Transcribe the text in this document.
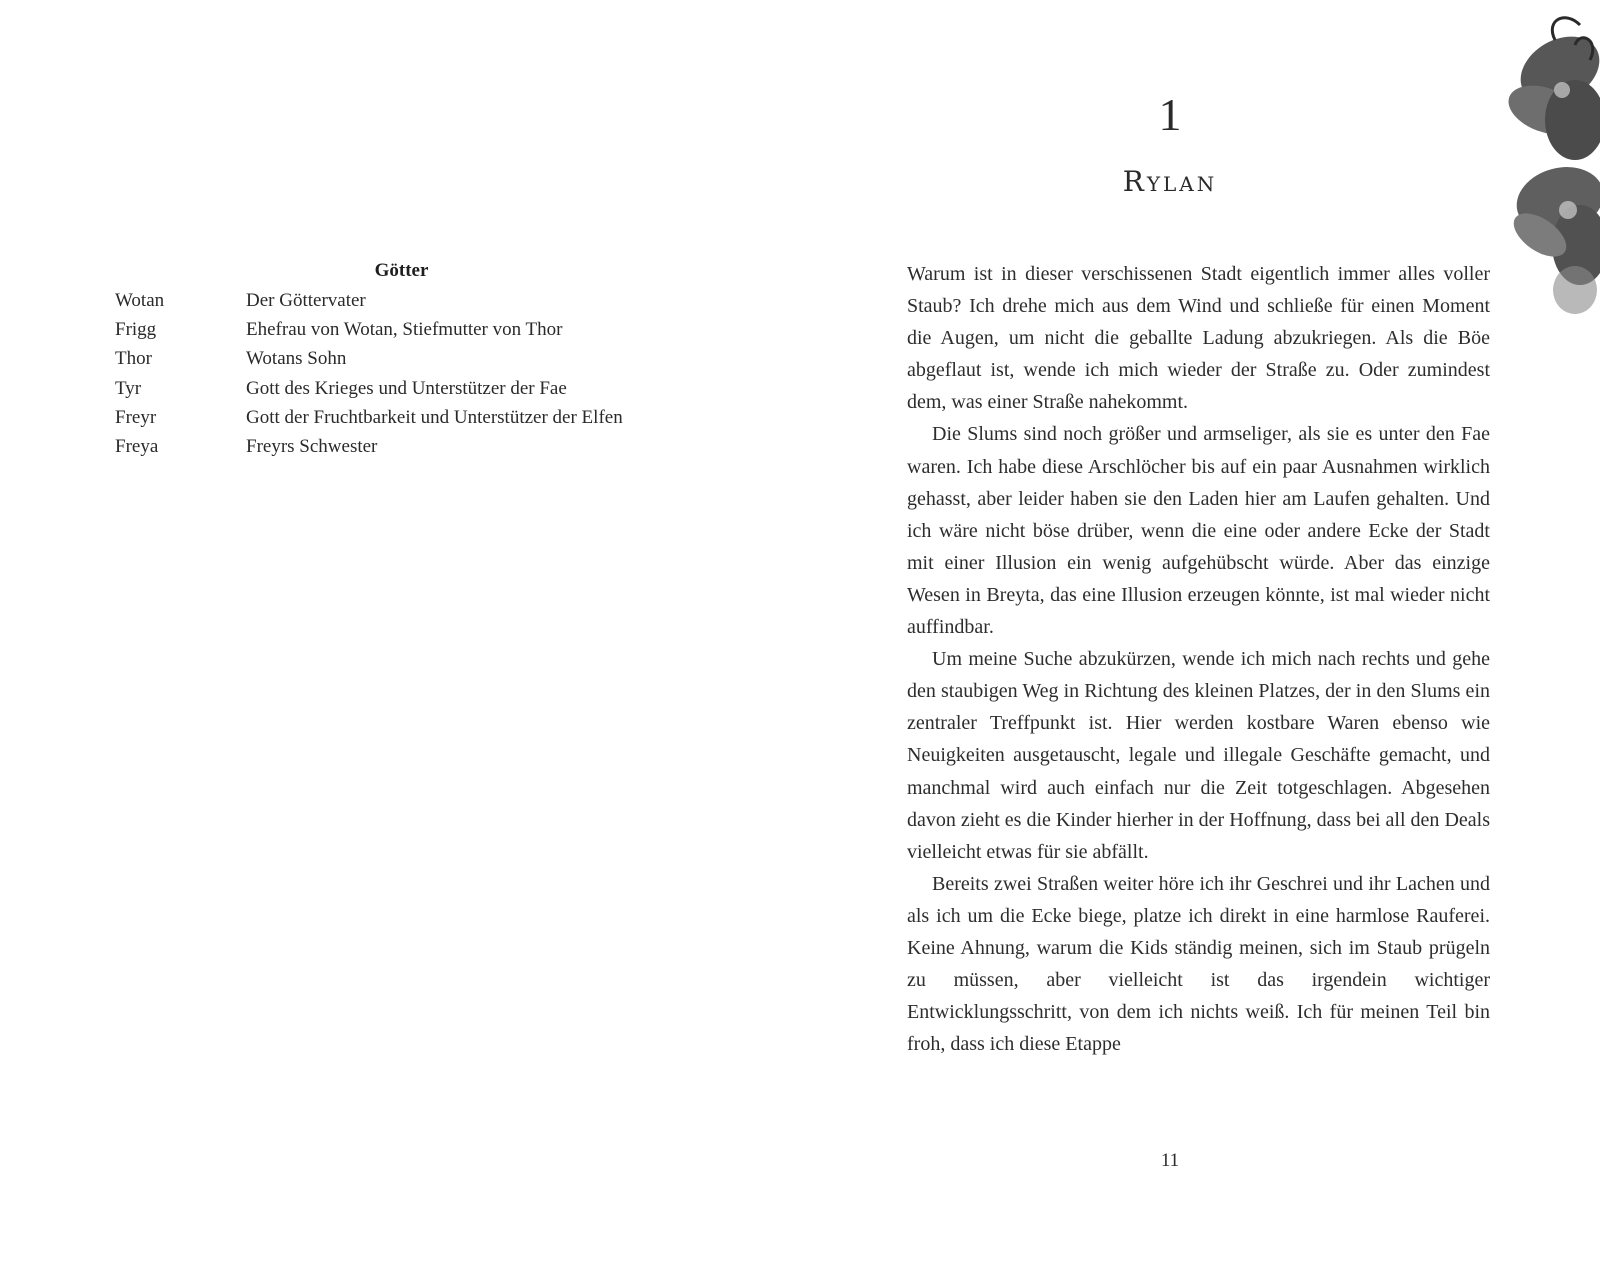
Götter
Wotan	Der Göttervater
Frigg	Ehefrau von Wotan, Stiefmutter von Thor
Thor	Wotans Sohn
Tyr	Gott des Krieges und Unterstützer der Fae
Freyr	Gott der Fruchtbarkeit und Unterstützer der Elfen
Freya	Freyrs Schwester
1
Rylan

Warum ist in dieser verschissenen Stadt eigentlich immer alles voller Staub? Ich drehe mich aus dem Wind und schließe für einen Moment die Augen, um nicht die geballte Ladung abzukriegen. Als die Böe abgeflaut ist, wende ich mich wieder der Straße zu. Oder zumindest dem, was einer Straße nahekommt.

Die Slums sind noch größer und armseliger, als sie es unter den Fae waren. Ich habe diese Arschlöcher bis auf ein paar Ausnahmen wirklich gehasst, aber leider haben sie den Laden hier am Laufen gehalten. Und ich wäre nicht böse drüber, wenn die eine oder andere Ecke der Stadt mit einer Illusion ein wenig aufgehübscht würde. Aber das einzige Wesen in Breyta, das eine Illusion erzeugen könnte, ist mal wieder nicht auffindbar.

Um meine Suche abzukürzen, wende ich mich nach rechts und gehe den staubigen Weg in Richtung des kleinen Platzes, der in den Slums ein zentraler Treffpunkt ist. Hier werden kostbare Waren ebenso wie Neuigkeiten ausgetauscht, legale und illegale Geschäfte gemacht, und manchmal wird auch einfach nur die Zeit totgeschlagen. Abgesehen davon zieht es die Kinder hierher in der Hoffnung, dass bei all den Deals vielleicht etwas für sie abfällt.

Bereits zwei Straßen weiter höre ich ihr Geschrei und ihr Lachen und als ich um die Ecke biege, platze ich direkt in eine harmlose Rauferei. Keine Ahnung, warum die Kids ständig meinen, sich im Staub prügeln zu müssen, aber vielleicht ist das irgendein wichtiger Entwicklungsschritt, von dem ich nichts weiß. Ich für meinen Teil bin froh, dass ich diese Etappe

11
